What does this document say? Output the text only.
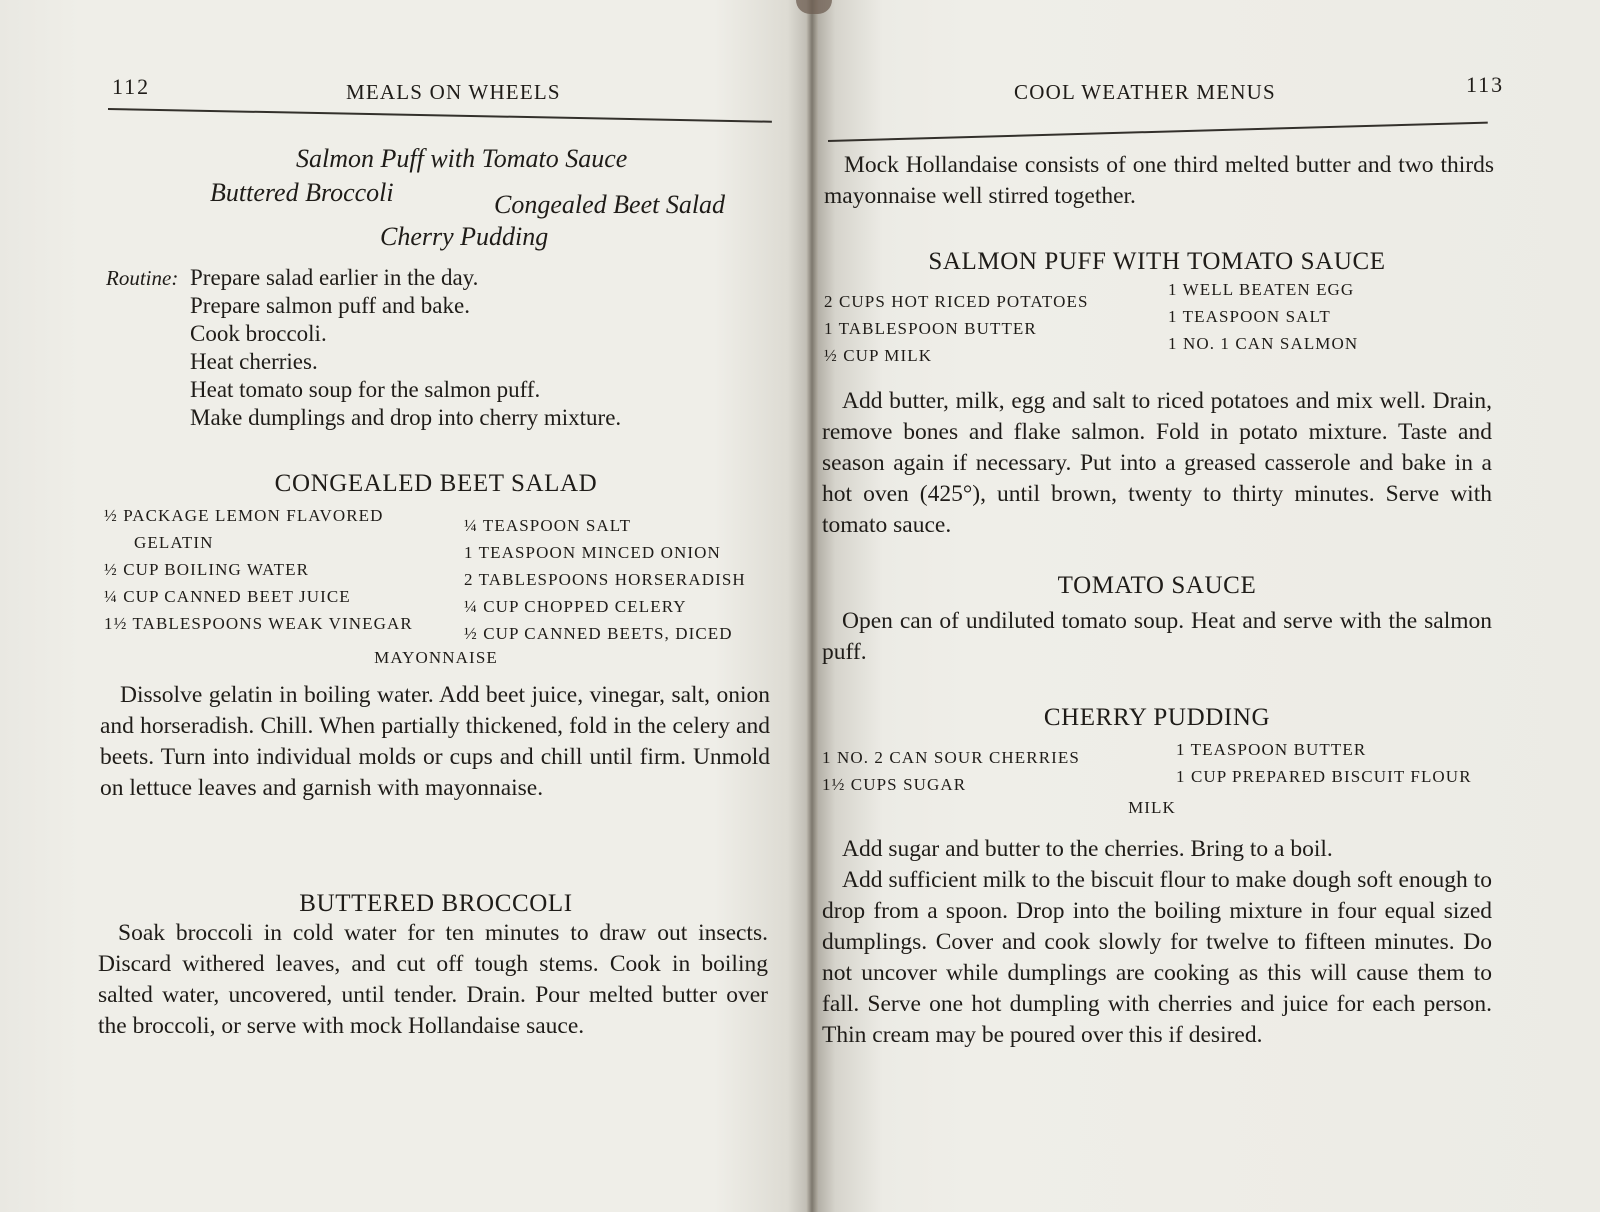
112	MEALS ON WHEELS
Salmon Puff with Tomato Sauce
Buttered Broccoli	Congealed Beet Salad
Cherry Pudding
Routine: Prepare salad earlier in the day.
Prepare salmon puff and bake.
Cook broccoli.
Heat cherries.
Heat tomato soup for the salmon puff.
Make dumplings and drop into cherry mixture.
CONGEALED BEET SALAD
½ PACKAGE LEMON FLAVORED
GELATIN
½ CUP BOILING WATER
¼ CUP CANNED BEET JUICE
1½ TABLESPOONS WEAK VINEGAR
¼ TEASPOON SALT
1 TEASPOON MINCED ONION
2 TABLESPOONS HORSERADISH
¼ CUP CHOPPED CELERY
½ CUP CANNED BEETS, DICED
MAYONNAISE

Dissolve gelatin in boiling water. Add beet juice, vinegar, salt, onion and horseradish. Chill. When partially thickened, fold in the celery and beets. Turn into individual molds or cups and chill until firm. Unmold on lettuce leaves and garnish with mayonnaise.

BUTTERED BROCCOLI

Soak broccoli in cold water for ten minutes to draw out insects. Discard withered leaves, and cut off tough stems. Cook in boiling salted water, uncovered, until tender. Drain. Pour melted butter over the broccoli, or serve with mock Hollandaise sauce.

COOL WEATHER MENUS	113

Mock Hollandaise consists of one third melted butter and two thirds mayonnaise well stirred together.

SALMON PUFF WITH TOMATO SAUCE
2 CUPS HOT RICED POTATOES
1 TABLESPOON BUTTER
½ CUP MILK
1 WELL BEATEN EGG
1 TEASPOON SALT
1 NO. 1 CAN SALMON

Add butter, milk, egg and salt to riced potatoes and mix well. Drain, remove bones and flake salmon. Fold in potato mixture. Taste and season again if necessary. Put into a greased casserole and bake in a hot oven (425°), until brown, twenty to thirty minutes. Serve with tomato sauce.

TOMATO SAUCE

Open can of undiluted tomato soup. Heat and serve with the salmon puff.

CHERRY PUDDING
1 NO. 2 CAN SOUR CHERRIES
1½ CUPS SUGAR
1 TEASPOON BUTTER
1 CUP PREPARED BISCUIT FLOUR
MILK

Add sugar and butter to the cherries. Bring to a boil.

Add sufficient milk to the biscuit flour to make dough soft enough to drop from a spoon. Drop into the boiling mixture in four equal sized dumplings. Cover and cook slowly for twelve to fifteen minutes. Do not uncover while dumplings are cooking as this will cause them to fall. Serve one hot dumpling with cherries and juice for each person. Thin cream may be poured over this if desired.
